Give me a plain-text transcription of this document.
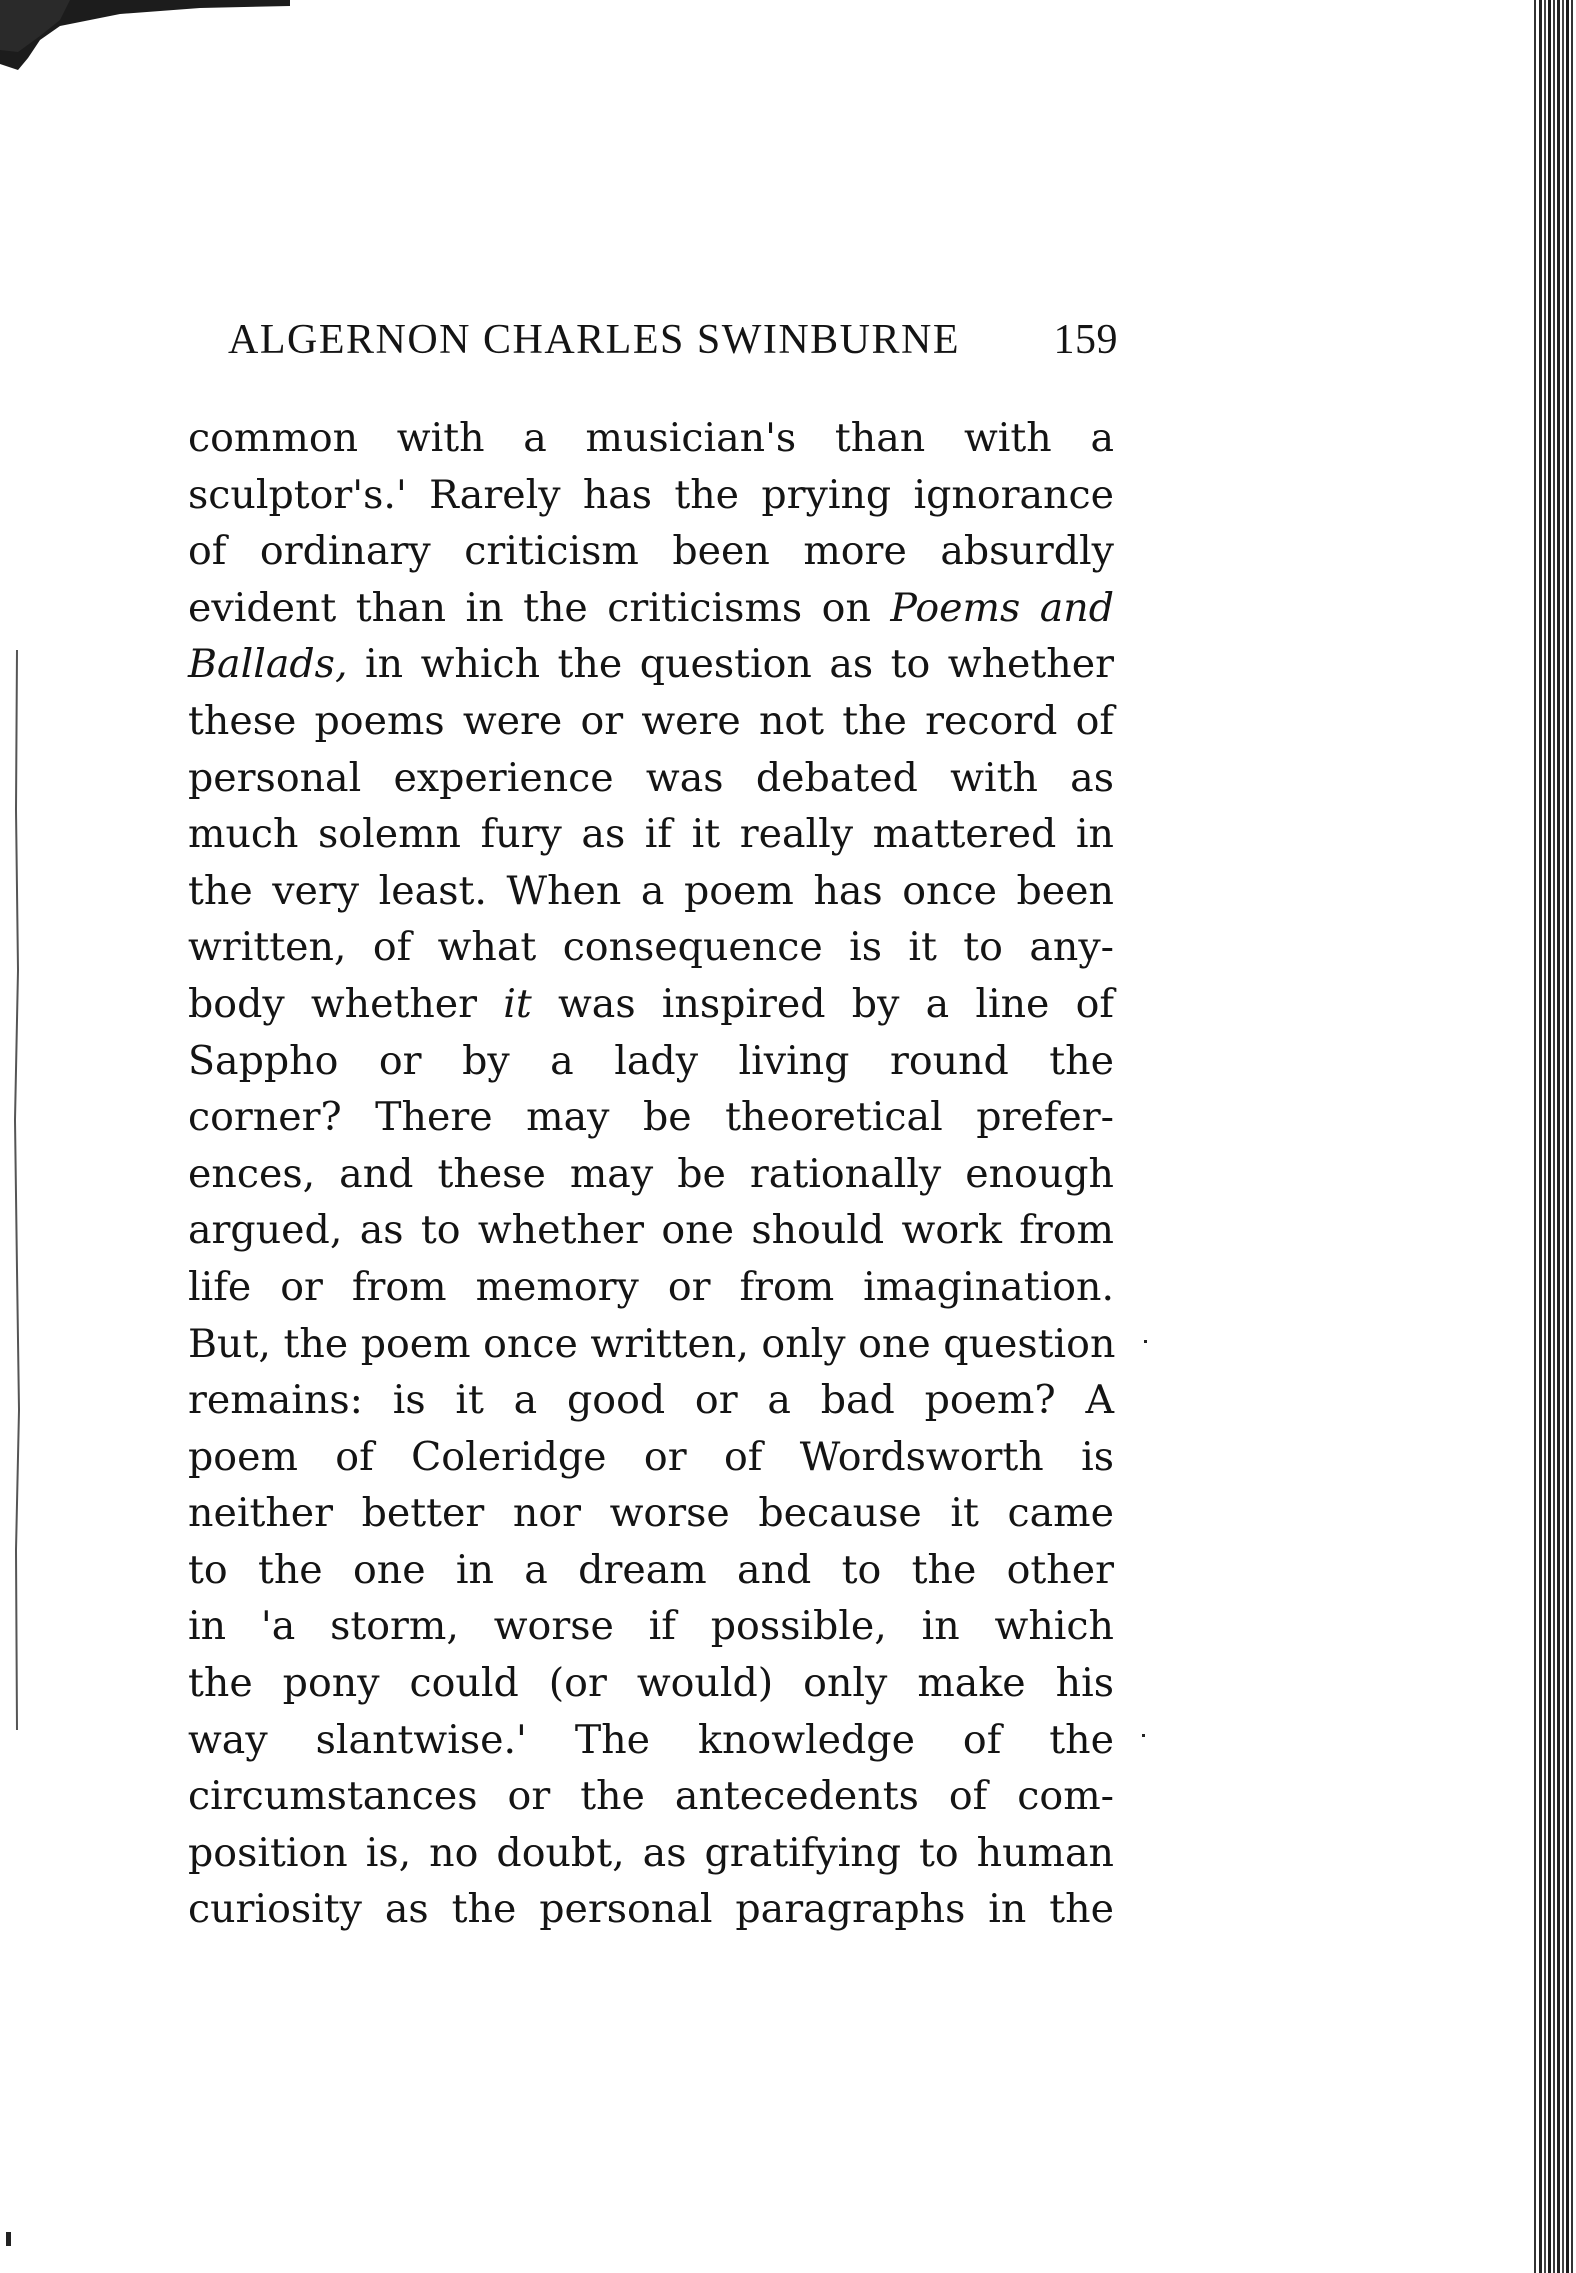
ALGERNON CHARLES SWINBURNE 159
common with a musician's than with a
sculptor's.' Rarely has the prying ignorance
of ordinary criticism been more absurdly
evident than in the criticisms on Poems and
Ballads, in which the question as to whether
these poems were or were not the record of
personal experience was debated with as
much solemn fury as if it really mattered in
the very least. When a poem has once been
written, of what consequence is it to any-
body whether it was inspired by a line of
Sappho or by a lady living round the
corner? There may be theoretical prefer-
ences, and these may be rationally enough
argued, as to whether one should work from
life or from memory or from imagination.
But, the poem once written, only one question
remains: is it a good or a bad poem? A
poem of Coleridge or of Wordsworth is
neither better nor worse because it came
to the one in a dream and to the other
in 'a storm, worse if possible, in which
the pony could (or would) only make his
way slantwise.' The knowledge of the
circumstances or the antecedents of com-
position is, no doubt, as gratifying to human
curiosity as the personal paragraphs in the
